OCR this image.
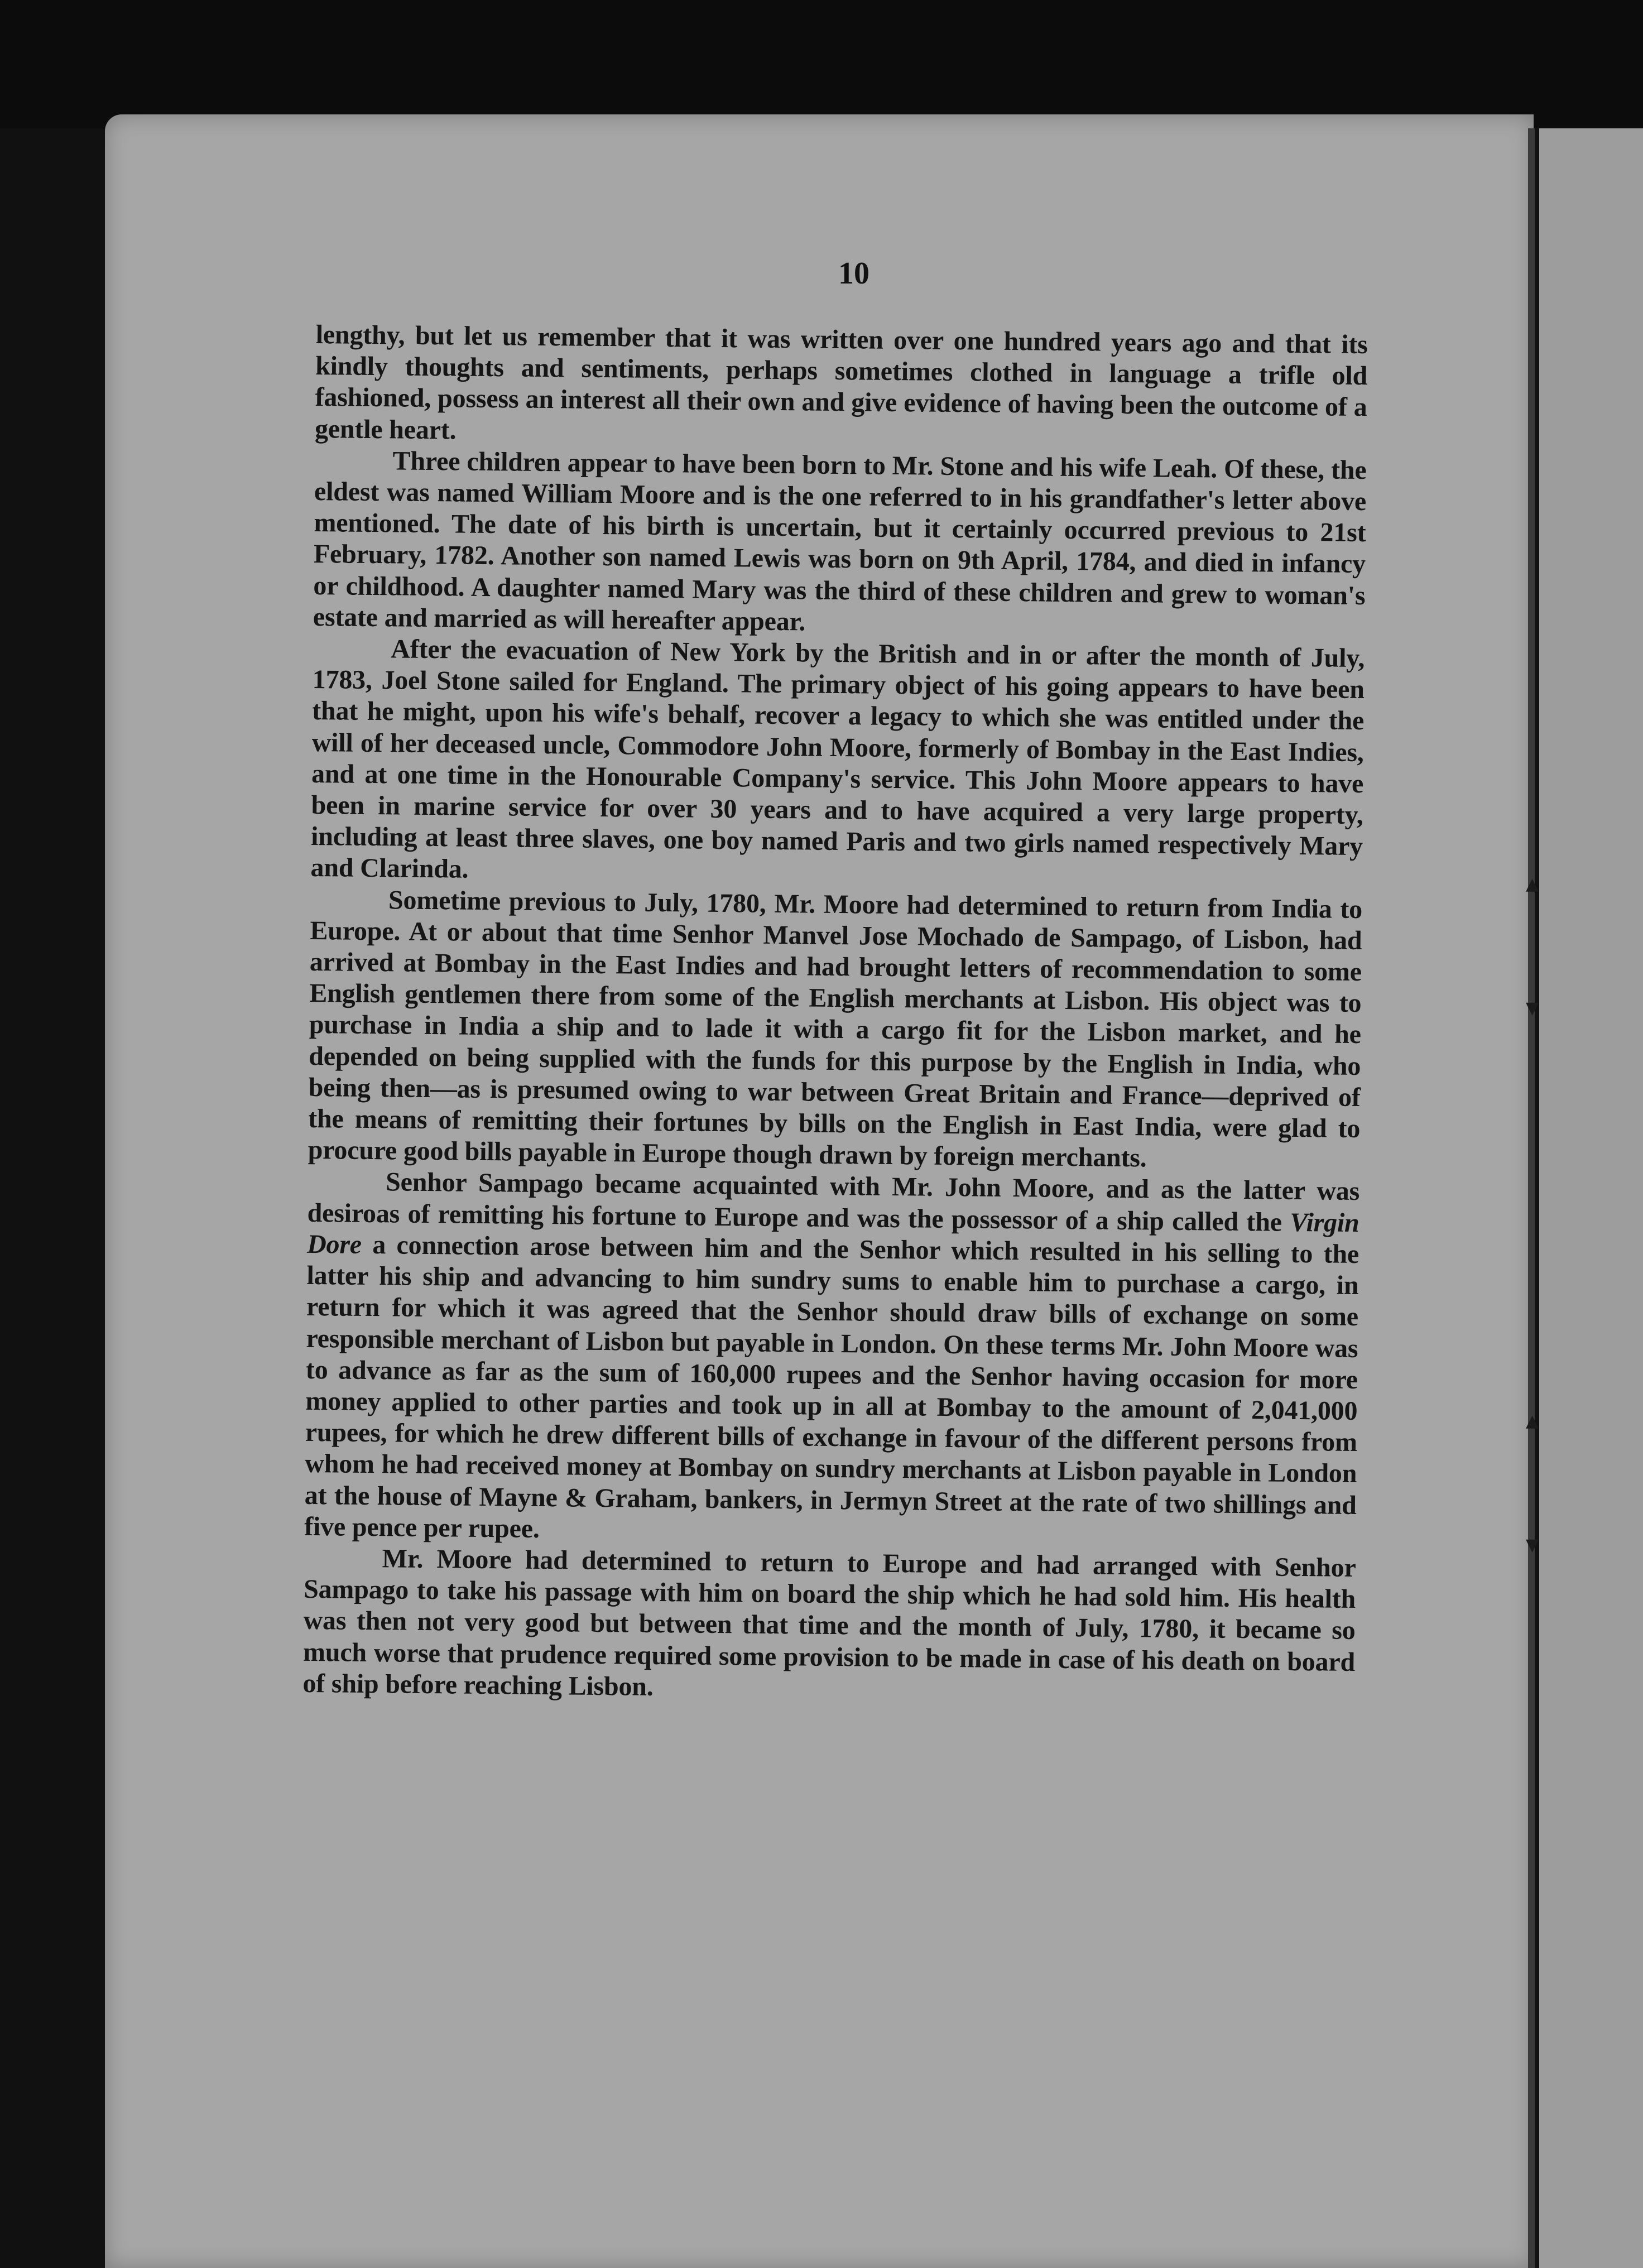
▲
▼
▲
▼
10

lengthy, but let us remember that it was written over one hundred years ago and that its kindly thoughts and sentiments, perhaps sometimes clothed in language a trifle old fashioned, possess an interest all their own and give evidence of having been the outcome of a gentle heart.

Three children appear to have been born to Mr. Stone and his wife Leah. Of these, the eldest was named William Moore and is the one referred to in his grandfather's letter above mentioned. The date of his birth is uncertain, but it certainly occurred previous to 21st February, 1782. Another son named Lewis was born on 9th April, 1784, and died in infancy or childhood. A daughter named Mary was the third of these children and grew to woman's estate and married as will hereafter appear.

After the evacuation of New York by the British and in or after the month of July, 1783, Joel Stone sailed for England. The primary object of his going appears to have been that he might, upon his wife's behalf, recover a legacy to which she was entitled under the will of her deceased uncle, Commodore John Moore, formerly of Bombay in the East Indies, and at one time in the Honourable Company's service. This John Moore appears to have been in marine service for over 30 years and to have acquired a very large property, including at least three slaves, one boy named Paris and two girls named respectively Mary and Clarinda.

Sometime previous to July, 1780, Mr. Moore had determined to return from India to Europe. At or about that time Senhor Manvel Jose Mochado de Sampago, of Lisbon, had arrived at Bombay in the East Indies and had brought letters of recommendation to some English gentlemen there from some of the English merchants at Lisbon. His object was to purchase in India a ship and to lade it with a cargo fit for the Lisbon market, and he depended on being supplied with the funds for this purpose by the English in India, who being then—as is presumed owing to war between Great Britain and France—deprived of the means of remitting their fortunes by bills on the English in East India, were glad to procure good bills payable in Europe though drawn by foreign merchants.

Senhor Sampago became acquainted with Mr. John Moore, and as the latter was desiroas of remitting his fortune to Europe and was the possessor of a ship called the Virgin Dore a connection arose between him and the Senhor which resulted in his selling to the latter his ship and advancing to him sundry sums to enable him to purchase a cargo, in return for which it was agreed that the Senhor should draw bills of exchange on some responsible merchant of Lisbon but payable in London. On these terms Mr. John Moore was to advance as far as the sum of 160,000 rupees and the Senhor having occasion for more money applied to other parties and took up in all at Bombay to the amount of 2,041,000 rupees, for which he drew different bills of exchange in favour of the different persons from whom he had received money at Bombay on sundry merchants at Lisbon payable in London at the house of Mayne & Graham, bankers, in Jermyn Street at the rate of two shillings and five pence per rupee.

Mr. Moore had determined to return to Europe and had arranged with Senhor Sampago to take his passage with him on board the ship which he had sold him. His health was then not very good but between that time and the month of July, 1780, it became so much worse that prudence required some provision to be made in case of his death on board of ship before reaching Lisbon.
